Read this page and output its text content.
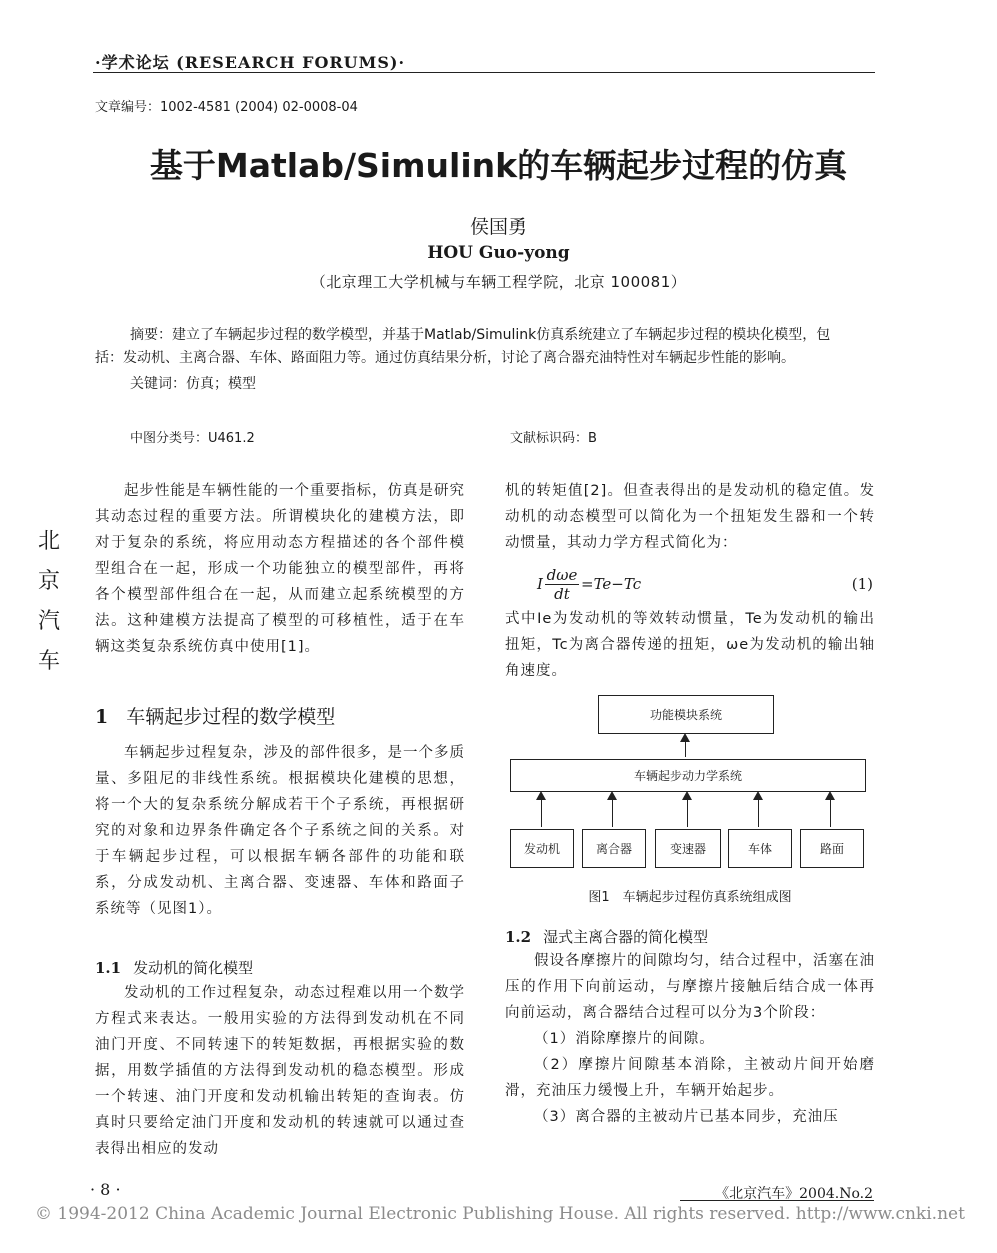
·学术论坛 (RESEARCH FORUMS)·
文章编号：1002-4581 (2004) 02-0008-04
基于Matlab/Simulink的车辆起步过程的仿真
侯国勇
HOU Guo-yong
（北京理工大学机械与车辆工程学院，北京 100081）
摘要：建立了车辆起步过程的数学模型，并基于Matlab/Simulink仿真系统建立了车辆起步过程的模块化模型，包
括：发动机、主离合器、车体、路面阻力等。通过仿真结果分析，讨论了离合器充油特性对车辆起步性能的影响。
关键词：仿真；模型
中图分类号：U461.2	文献标识码：B
北
京
汽
车

起步性能是车辆性能的一个重要指标，仿真是研究其动态过程的重要方法。所谓模块化的建模方法，即对于复杂的系统，将应用动态方程描述的各个部件模型组合在一起，形成一个功能独立的模型部件，再将各个模型部件组合在一起，从而建立起系统模型的方法。这种建模方法提高了模型的可移植性，适于在车辆这类复杂系统仿真中使用[1]。

1 车辆起步过程的数学模型

车辆起步过程复杂，涉及的部件很多，是一个多质量、多阻尼的非线性系统。根据模块化建模的思想，将一个大的复杂系统分解成若干个子系统，再根据研究的对象和边界条件确定各个子系统之间的关系。对于车辆起步过程，可以根据车辆各部件的功能和联系，分成发动机、主离合器、变速器、车体和路面子系统等（见图1）。

1.1 发动机的简化模型

发动机的工作过程复杂，动态过程难以用一个数学方程式来表达。一般用实验的方法得到发动机在不同油门开度、不同转速下的转矩数据，再根据实验的数据，用数学插值的方法得到发动机的稳态模型。形成一个转速、油门开度和发动机输出转矩的查询表。仿真时只要给定油门开度和发动机的转速就可以通过查表得出相应的发动

机的转矩值[2]。但查表得出的是发动机的稳定值。发动机的动态模型可以简化为一个扭矩发生器和一个转动惯量，其动力学方程式简化为：

I dωe
dt
=Te−Tc	(1)

式中Ie为发动机的等效转动惯量，Te为发动机的输出扭矩，Tc为离合器传递的扭矩，ωe为发动机的输出轴角速度。

功能模块系统
车辆起步动力学系统
发动机	离合器	变速器	车体	路面
图1　车辆起步过程仿真系统组成图
1.2 湿式主离合器的简化模型

假设各摩擦片的间隙均匀，结合过程中，活塞在油压的作用下向前运动，与摩擦片接触后结合成一体再向前运动，离合器结合过程可以分为3个阶段：

（1）消除摩擦片的间隙。

（2）摩擦片间隙基本消除，主被动片间开始磨滑，充油压力缓慢上升，车辆开始起步。

（3）离合器的主被动片已基本同步，充油压

· 8 ·	《北京汽车》2004.No.2
© 1994-2012 China Academic Journal Electronic Publishing House. All rights reserved. http://www.cnki.net
